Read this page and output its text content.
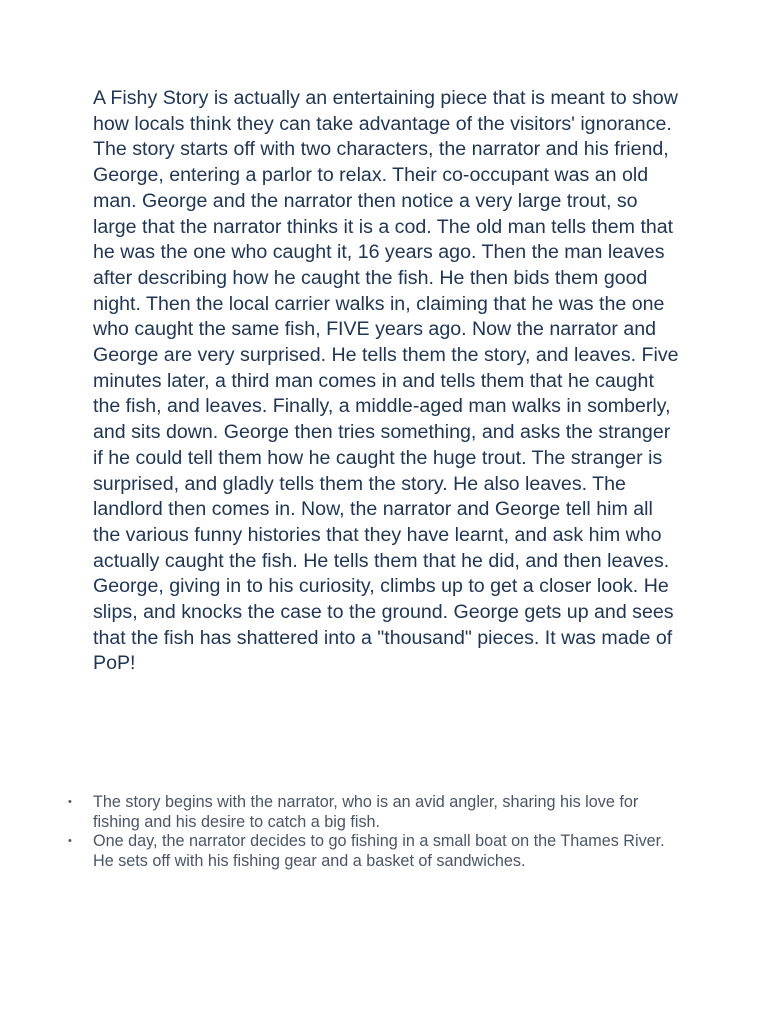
A Fishy Story is actually an entertaining piece that is meant to show how locals think they can take advantage of the visitors' ignorance. The story starts off with two characters, the narrator and his friend, George, entering a parlor to relax. Their co-occupant was an old man. George and the narrator then notice a very large trout, so large that the narrator thinks it is a cod. The old man tells them that he was the one who caught it, 16 years ago. Then the man leaves after describing how he caught the fish. He then bids them good night. Then the local carrier walks in, claiming that he was the one who caught the same fish, FIVE years ago. Now the narrator and George are very surprised. He tells them the story, and leaves. Five minutes later, a third man comes in and tells them that he caught the fish, and leaves. Finally, a middle-aged man walks in somberly, and sits down. George then tries something, and asks the stranger if he could tell them how he caught the huge trout. The stranger is surprised, and gladly tells them the story. He also leaves. The landlord then comes in. Now, the narrator and George tell him all the various funny histories that they have learnt, and ask him who actually caught the fish. He tells them that he did, and then leaves. George, giving in to his curiosity, climbs up to get a closer look. He slips, and knocks the case to the ground. George gets up and sees that the fish has shattered into a "thousand" pieces. It was made of PoP!

• The story begins with the narrator, who is an avid angler, sharing his love for fishing and his desire to catch a big fish.
• One day, the narrator decides to go fishing in a small boat on the Thames River. He sets off with his fishing gear and a basket of sandwiches.
